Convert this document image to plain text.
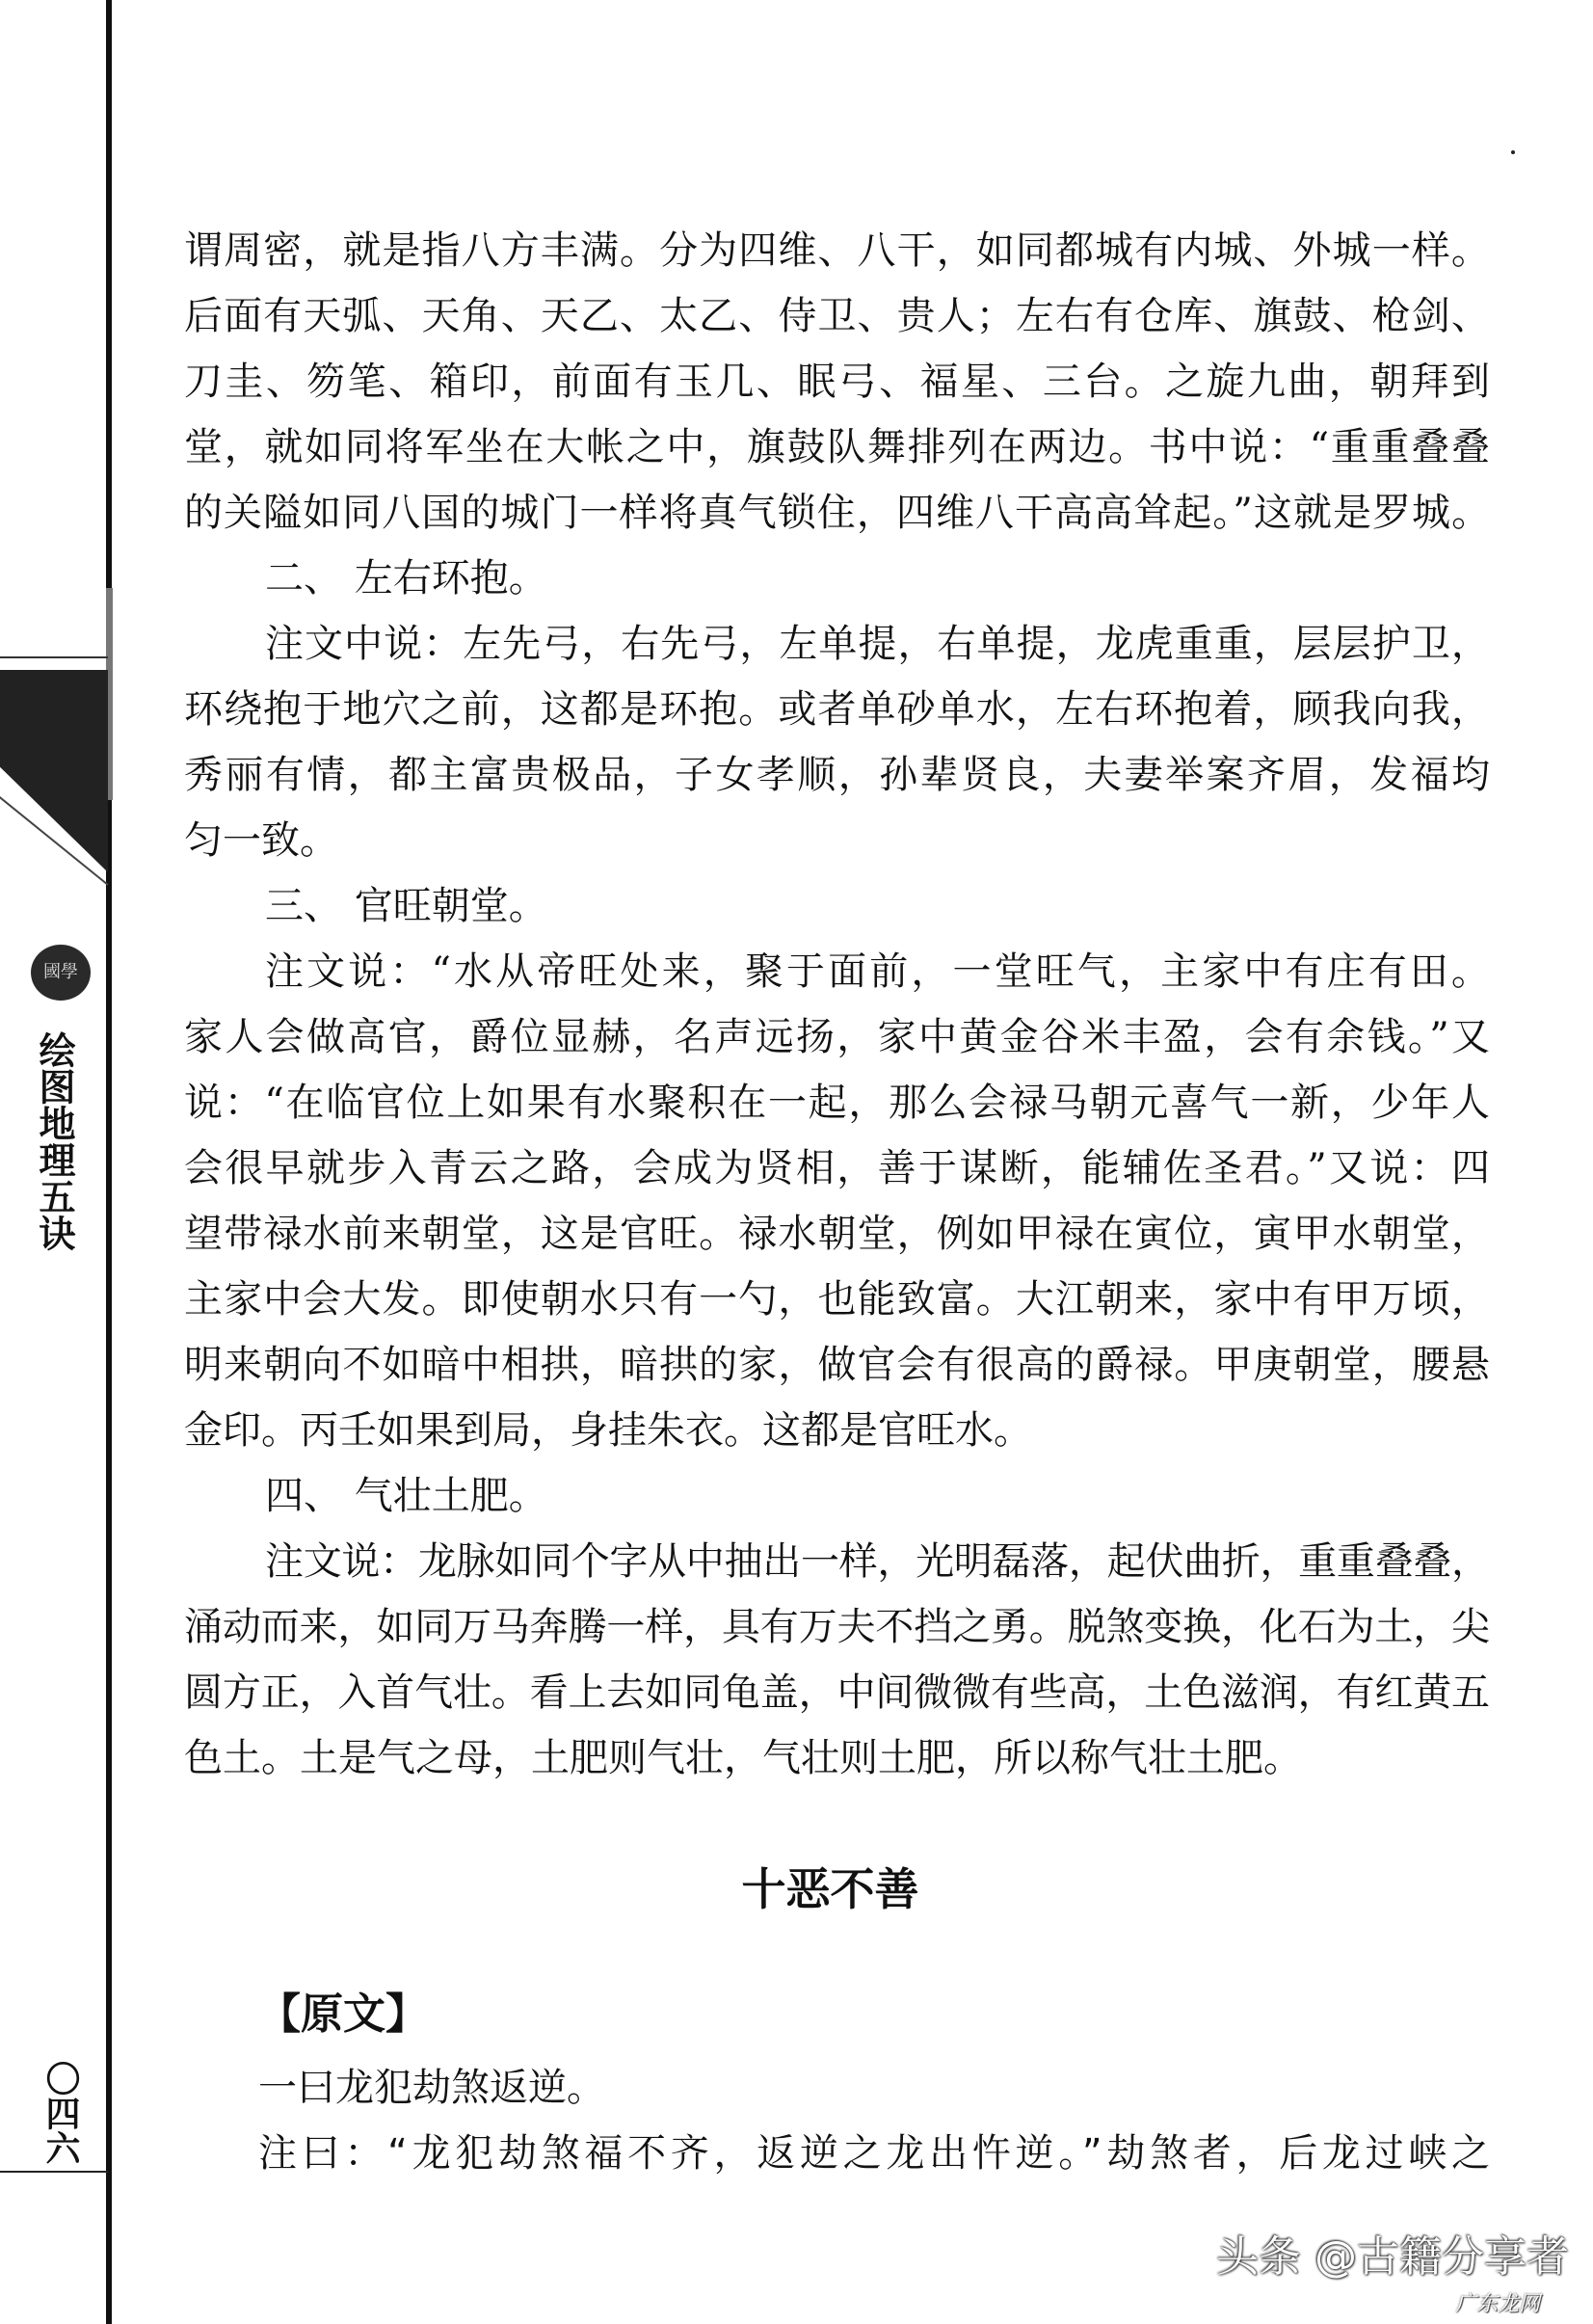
國學
绘图地理五诀
〇四六
谓周密，就是指八方丰满。分为四维、八干，如同都城有内城、外城一样。
后面有天弧、天角、天乙、太乙、侍卫、贵人；左右有仓库、旗鼓、枪剑、
刀圭、笏笔、箱印，前面有玉几、眠弓、福星、三台。之旋九曲，朝拜到
堂，就如同将军坐在大帐之中，旗鼓队舞排列在两边。书中说：“重重叠叠
的关隘如同八国的城门一样将真气锁住，四维八干高高耸起。”这就是罗城。
二、 左右环抱。
注文中说：左先弓，右先弓，左单提，右单提，龙虎重重，层层护卫，
环绕抱于地穴之前，这都是环抱。或者单砂单水，左右环抱着，顾我向我，
秀丽有情，都主富贵极品，子女孝顺，孙辈贤良，夫妻举案齐眉，发福均
匀一致。
三、 官旺朝堂。
注文说：“水从帝旺处来，聚于面前，一堂旺气，主家中有庄有田。
家人会做高官，爵位显赫，名声远扬，家中黄金谷米丰盈，会有余钱。”又
说：“在临官位上如果有水聚积在一起，那么会禄马朝元喜气一新，少年人
会很早就步入青云之路，会成为贤相，善于谋断，能辅佐圣君。”又说：四
望带禄水前来朝堂，这是官旺。禄水朝堂，例如甲禄在寅位，寅甲水朝堂，
主家中会大发。即使朝水只有一勺，也能致富。大江朝来，家中有甲万顷，
明来朝向不如暗中相拱，暗拱的家，做官会有很高的爵禄。甲庚朝堂，腰悬
金印。丙壬如果到局，身挂朱衣。这都是官旺水。
四、 气壮土肥。
注文说：龙脉如同个字从中抽出一样，光明磊落，起伏曲折，重重叠叠，
涌动而来，如同万马奔腾一样，具有万夫不挡之勇。脱煞变换，化石为土，尖
圆方正，入首气壮。看上去如同龟盖，中间微微有些高，土色滋润，有红黄五
色土。土是气之母，土肥则气壮，气壮则土肥，所以称气壮土肥。
十恶不善
【原文】
一曰龙犯劫煞返逆。
注曰：“龙犯劫煞福不齐，返逆之龙出忤逆。”劫煞者，后龙过峡之
头条 @古籍分享者
广东龙网
